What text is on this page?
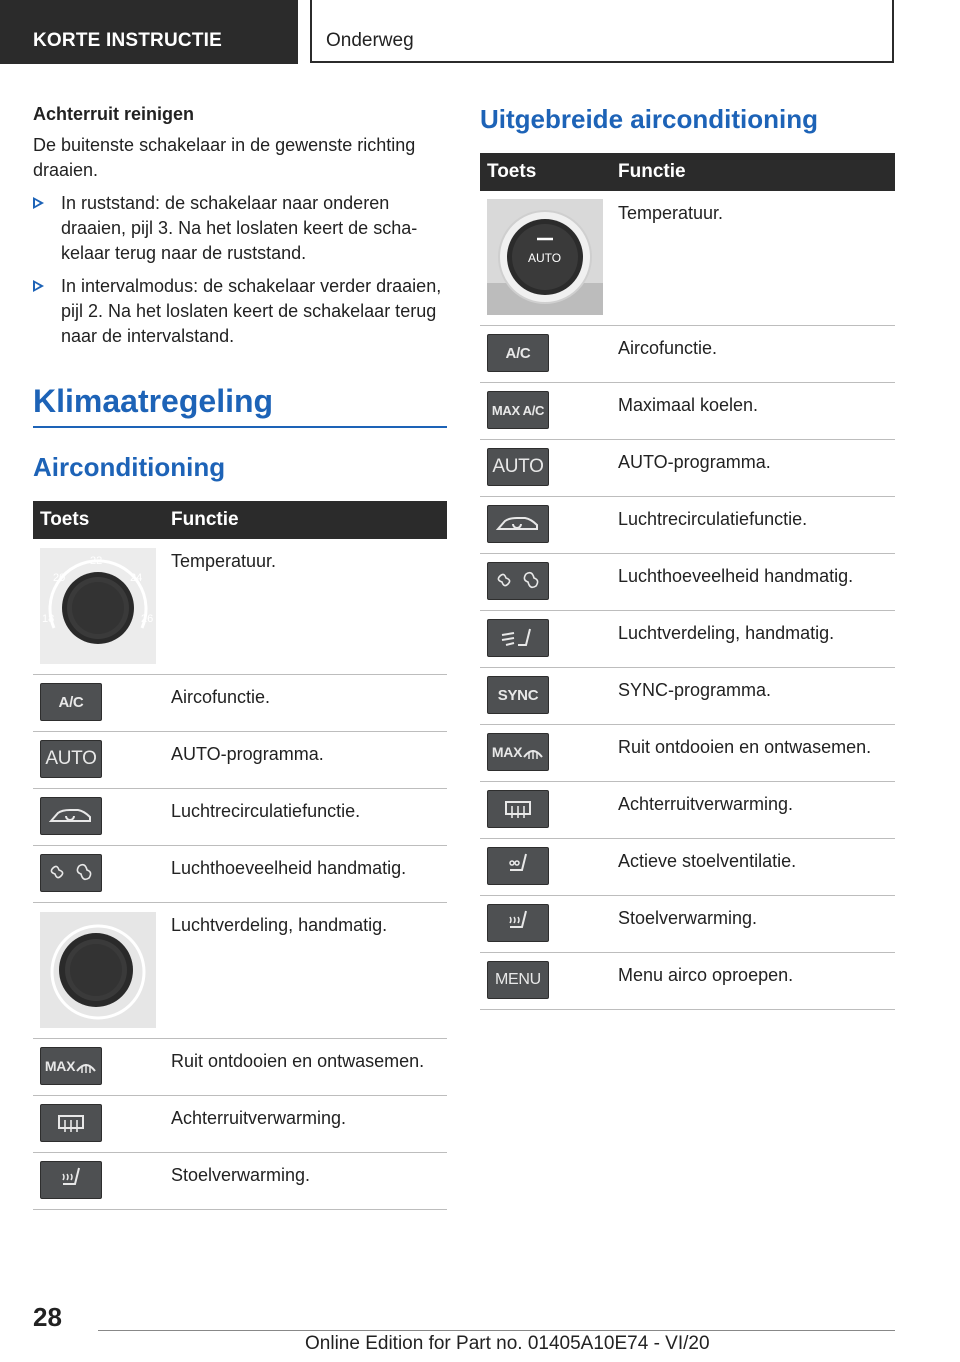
KORTE INSTRUCTIE	Onderweg
Achterruit reinigen
De buitenste schakelaar in de gewenste richting draaien.
In ruststand: de schakelaar naar onderen draaien, pijl 3. Na het loslaten keert de schakelaar terug naar de ruststand.
In intervalmodus: de schakelaar verder draaien, pijl 2. Na het loslaten keert de schakelaar terug naar de intervalstand.
Klimaatregeling
Airconditioning
Toets	Functie

22
20 24
18 26	Temperatuur.

A/C	Aircofunctie.

AUTO	AUTO-programma.

	Luchtrecirculatiefunctie.

	Luchthoeveelheid handmatig.

	Luchtverdeling, handmatig.

MAX	Ruit ontdooien en ontwasemen.

	Achterruitverwarming.

	Stoelverwarming.
Uitgebreide airconditioning
Toets	Functie

AUTO	Temperatuur.

A/C	Aircofunctie.

MAX A/C	Maximaal koelen.

AUTO	AUTO-programma.

	Luchtrecirculatiefunctie.

	Luchthoeveelheid handmatig.

	Luchtverdeling, handmatig.

SYNC	SYNC-programma.

MAX	Ruit ontdooien en ontwasemen.

	Achterruitverwarming.

	Actieve stoelventilatie.

	Stoelverwarming.

MENU	Menu airco oproepen.
28
Online Edition for Part no. 01405A10E74 - VI/20
